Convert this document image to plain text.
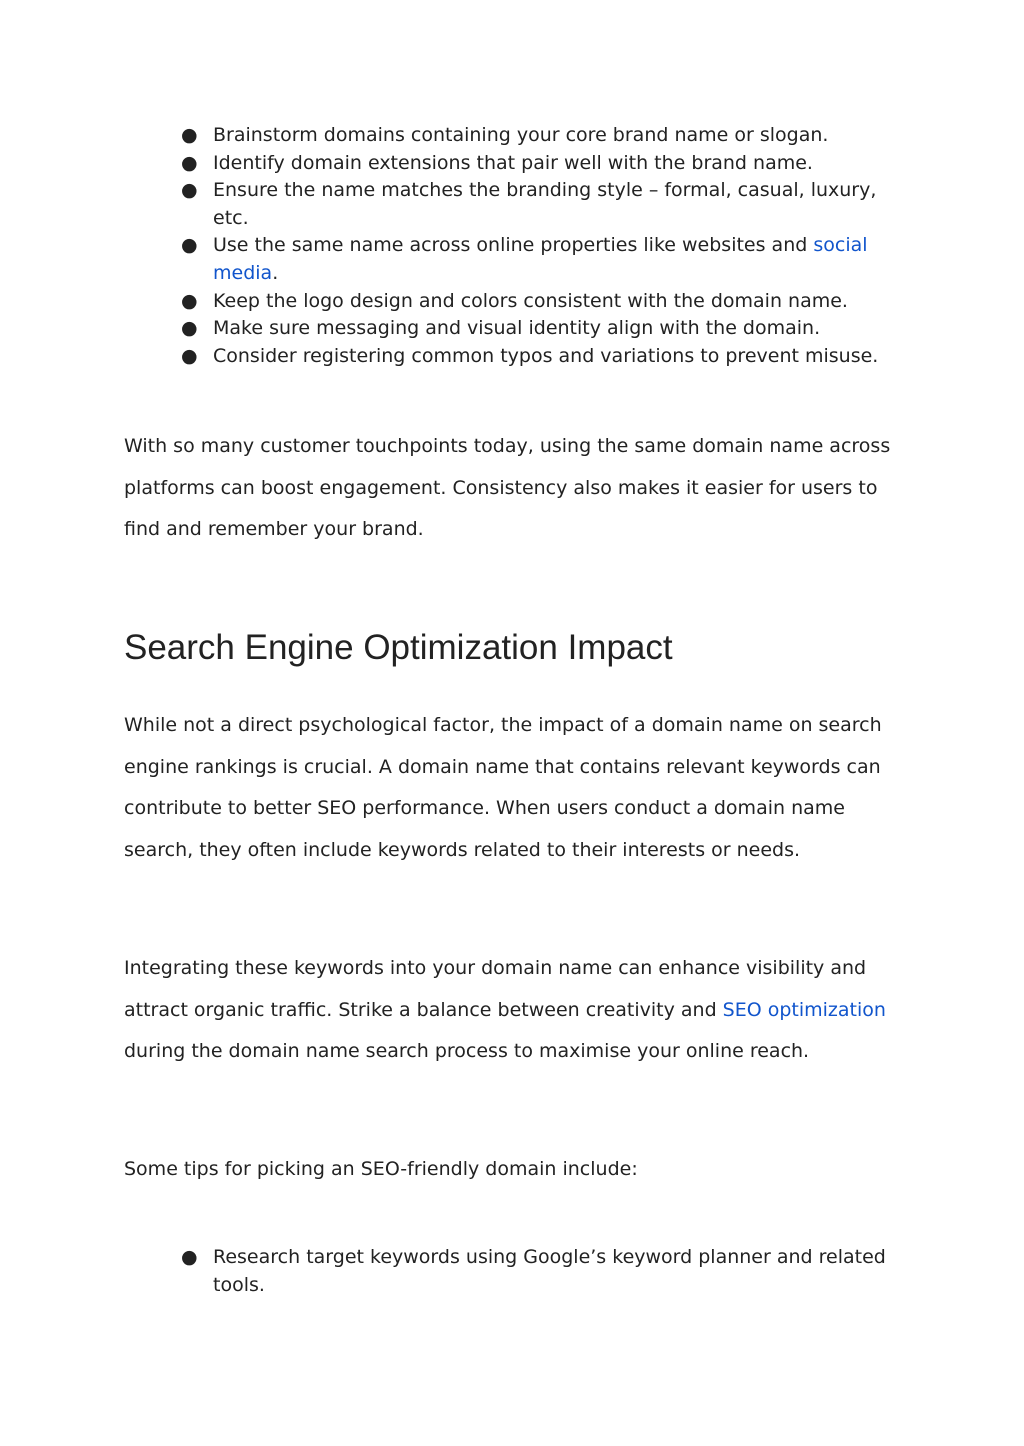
● Brainstorm domains containing your core brand name or slogan.
● Identify domain extensions that pair well with the brand name.
● Ensure the name matches the branding style – formal, casual, luxury, etc.
● Use the same name across online properties like websites and social media.
● Keep the logo design and colors consistent with the domain name.
● Make sure messaging and visual identity align with the domain.
● Consider registering common typos and variations to prevent misuse.

With so many customer touchpoints today, using the same domain name across platforms can boost engagement. Consistency also makes it easier for users to find and remember your brand.

Search Engine Optimization Impact

While not a direct psychological factor, the impact of a domain name on search engine rankings is crucial. A domain name that contains relevant keywords can contribute to better SEO performance. When users conduct a domain name search, they often include keywords related to their interests or needs.

Integrating these keywords into your domain name can enhance visibility and attract organic traffic. Strike a balance between creativity and SEO optimization during the domain name search process to maximise your online reach.

Some tips for picking an SEO-friendly domain include:

● Research target keywords using Google’s keyword planner and related tools.
